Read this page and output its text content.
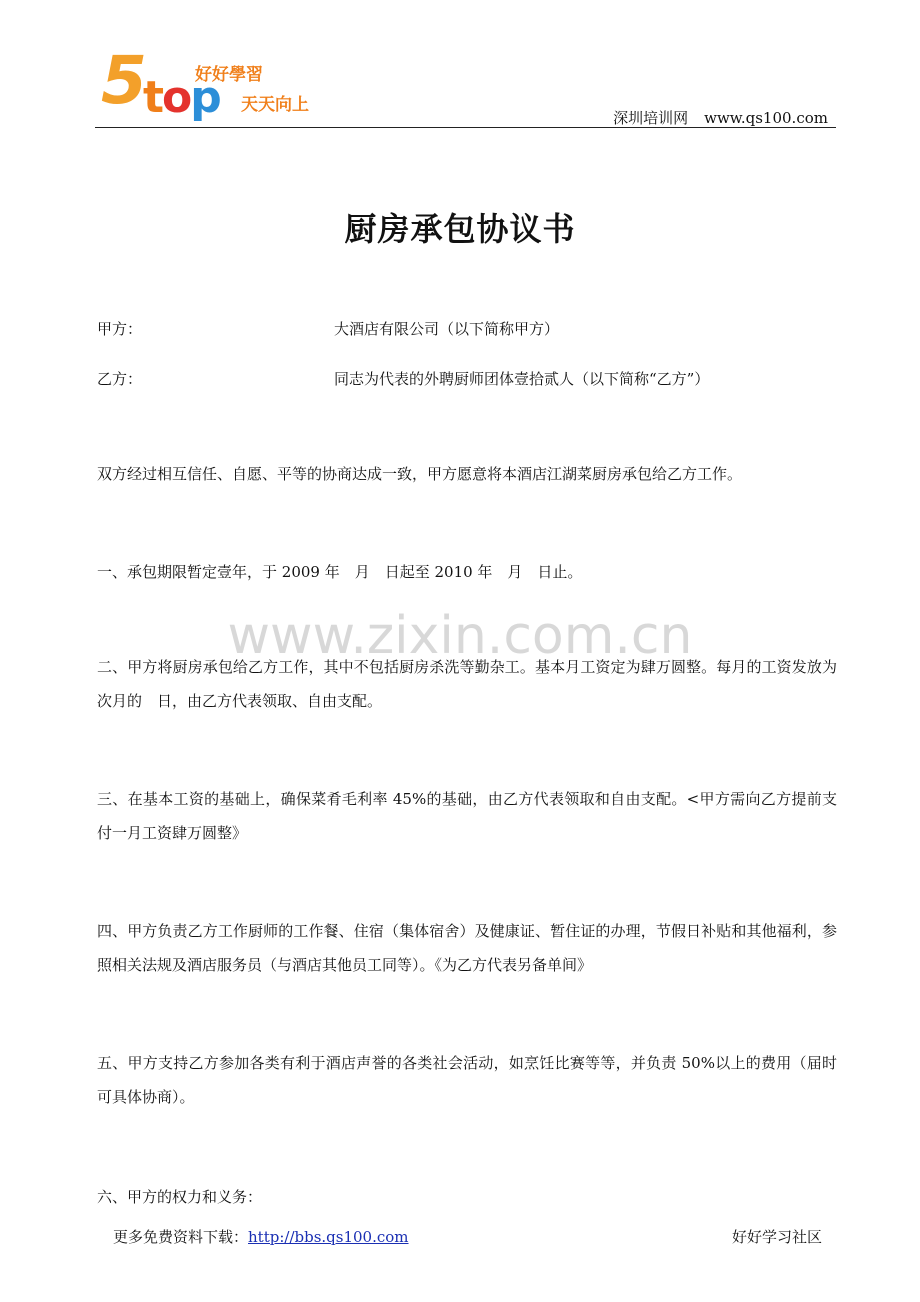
5
top
好好學習
天天向上
深圳培训网 www.qs100.com
厨房承包协议书
甲方：	大酒店有限公司（以下简称甲方）
乙方：	同志为代表的外聘厨师团体壹拾贰人（以下简称“乙方”）
双方经过相互信任、自愿、平等的协商达成一致，甲方愿意将本酒店江湖菜厨房承包给乙方工作。
一、承包期限暂定壹年，于 2009 年　月　日起至 2010 年　月　日止。
www.zixin.com.cn
二、甲方将厨房承包给乙方工作，其中不包括厨房杀洗等勤杂工。基本月工资定为肆万圆整。每月的工资发放为次月的　日，由乙方代表领取、自由支配。
三、在基本工资的基础上，确保菜肴毛利率 45%的基础，由乙方代表领取和自由支配。<甲方需向乙方提前支付一月工资肆万圆整》
四、甲方负责乙方工作厨师的工作餐、住宿（集体宿舍）及健康证、暂住证的办理，节假日补贴和其他福利，参照相关法规及酒店服务员（与酒店其他员工同等）。《为乙方代表另备单间》
五、甲方支持乙方参加各类有利于酒店声誉的各类社会活动，如烹饪比赛等等，并负责 50%以上的费用（届时可具体协商）。
六、甲方的权力和义务：
更多免费资料下载：http://bbs.qs100.com	好好学习社区
